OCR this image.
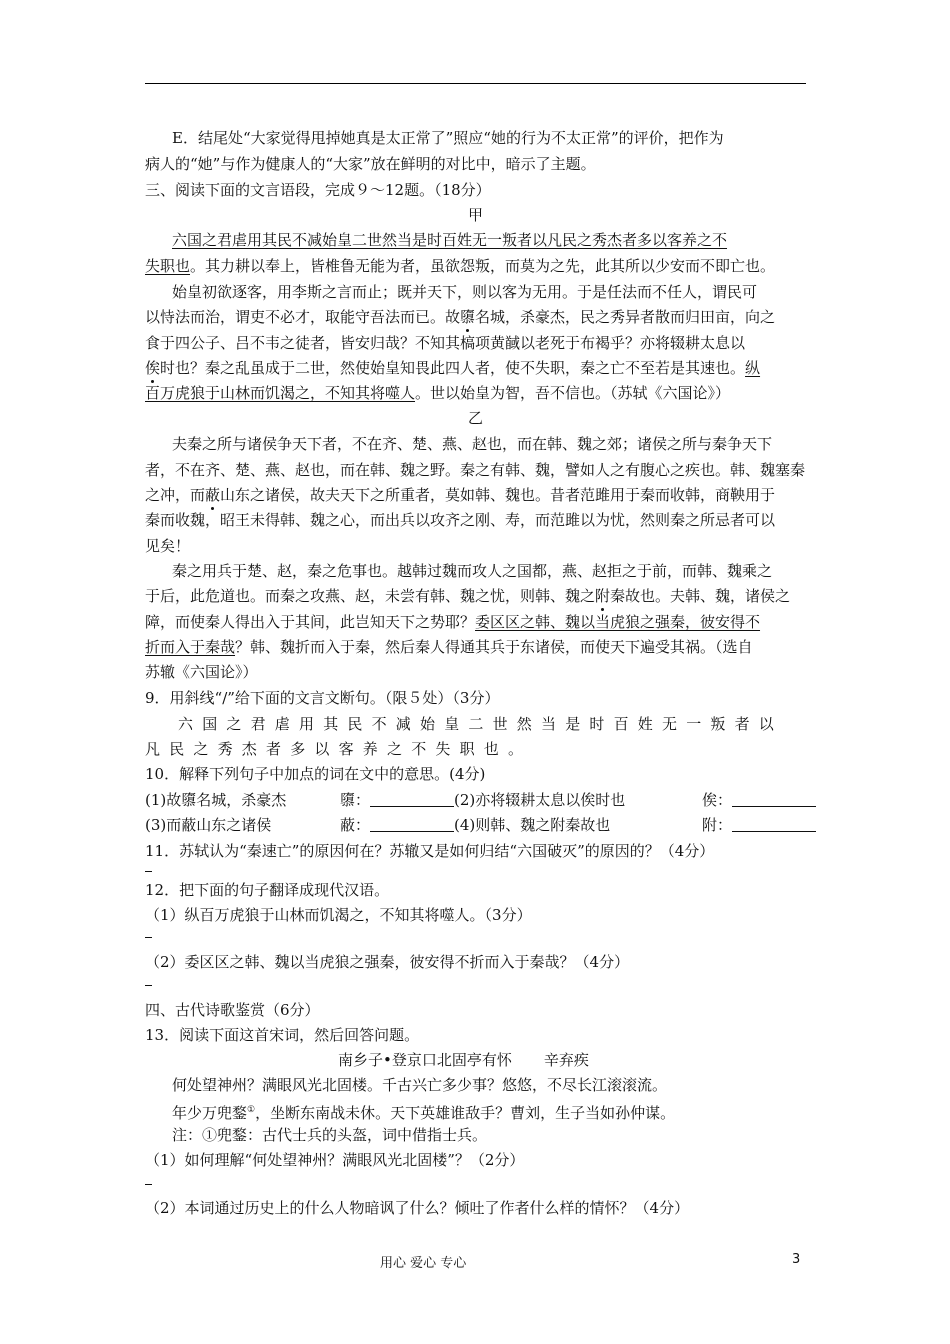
E．结尾处“大家觉得甩掉她真是太正常了”照应“她的行为不太正常”的评价，把作为
病人的“她”与作为健康人的“大家”放在鲜明的对比中，暗示了主题。
三、阅读下面的文言语段，完成９～12题。（18分）
甲
六国之君虐用其民不减始皇二世然当是时百姓无一叛者以凡民之秀杰者多以客养之不
失职也。其力耕以奉上，皆椎鲁无能为者，虽欲怨叛，而莫为之先，此其所以少安而不即亡也。
始皇初欲逐客，用李斯之言而止；既并天下，则以客为无用。于是任法而不任人，谓民可
以恃法而治，谓吏不必才，取能守吾法而已。故隳名城，杀豪杰，民之秀异者散而归田亩，向之
食于四公子、吕不韦之徒者，皆安归哉？不知其槁项黄馘以老死于布褐乎？亦将辍耕太息以
俟时也？秦之乱虽成于二世，然使始皇知畏此四人者，使不失职，秦之亡不至若是其速也。纵
百万虎狼于山林而饥渴之，不知其将噬人。世以始皇为智，吾不信也。（苏轼《六国论》）
乙
夫秦之所与诸侯争天下者，不在齐、楚、燕、赵也，而在韩、魏之郊；诸侯之所与秦争天下
者，不在齐、楚、燕、赵也，而在韩、魏之野。秦之有韩、魏，譬如人之有腹心之疾也。韩、魏塞秦
之冲，而蔽山东之诸侯，故夫天下之所重者，莫如韩、魏也。昔者范雎用于秦而收韩，商鞅用于
秦而收魏，昭王未得韩、魏之心，而出兵以攻齐之刚、寿，而范雎以为忧，然则秦之所忌者可以
见矣！
秦之用兵于楚、赵，秦之危事也。越韩过魏而攻人之国都，燕、赵拒之于前，而韩、魏乘之
于后，此危道也。而秦之攻燕、赵，未尝有韩、魏之忧，则韩、魏之附秦故也。夫韩、魏，诸侯之
障，而使秦人得出入于其间，此岂知天下之势耶？委区区之韩、魏以当虎狼之强秦，彼安得不
折而入于秦哉？韩、魏折而入于秦，然后秦人得通其兵于东诸侯，而使天下遍受其祸。（选自
苏辙《六国论》）
9．用斜线“/”给下面的文言文断句。（限５处）（3分）
六国之君虐用其民不减始皇二世然当是时百姓无一叛者以
凡民之秀杰者多以客养之不失职也。
10．解释下列句子中加点的词在文中的意思。(4分)
(1)故隳名城，杀豪杰	隳：	(2)亦将辍耕太息以俟时也	俟：
(3)而蔽山东之诸侯	蔽：	(4)则韩、魏之附秦故也	附：
11．苏轼认为“秦速亡”的原因何在？苏辙又是如何归结“六国破灭”的原因的？（4分）
12．把下面的句子翻译成现代汉语。
（1）纵百万虎狼于山林而饥渴之，不知其将噬人。（3分）
（2）委区区之韩、魏以当虎狼之强秦，彼安得不折而入于秦哉？（4分）
四、古代诗歌鉴赏（6分）
13．阅读下面这首宋词，然后回答问题。
南乡子•登京口北固亭有怀 辛弃疾
何处望神州？满眼风光北固楼。千古兴亡多少事？悠悠，不尽长江滚滚流。
年少万兜鍪①，坐断东南战未休。天下英雄谁敌手？曹刘，生子当如孙仲谋。
注：①兜鍪：古代士兵的头盔，词中借指士兵。
（1）如何理解“何处望神州？满眼风光北固楼”？（2分）
（2）本词通过历史上的什么人物暗讽了什么？倾吐了作者什么样的情怀？（4分）
用心 爱心 专心	3
